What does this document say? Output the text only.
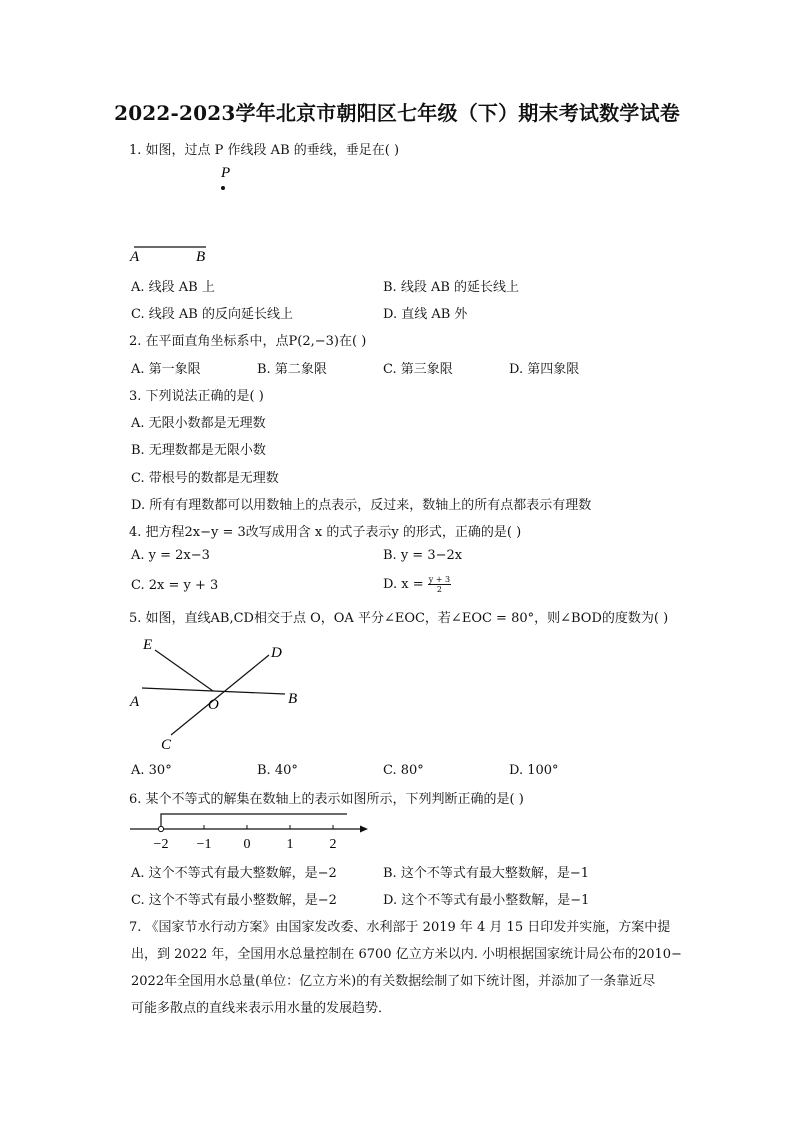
2022-2023学年北京市朝阳区七年级（下）期末考试数学试卷
1. 如图，过点 P 作线段 AB 的垂线，垂足在( )
P
A	B
A. 线段 AB 上	B. 线段 AB 的延长线上
C. 线段 AB 的反向延长线上	D. 直线 AB 外
2. 在平面直角坐标系中，点P(2,−3)在( )
A. 第一象限	B. 第二象限	C. 第三象限	D. 第四象限
3. 下列说法正确的是( )
A. 无限小数都是无理数
B. 无理数都是无限小数
C. 带根号的数都是无理数
D. 所有有理数都可以用数轴上的点表示，反过来，数轴上的所有点都表示有理数
4. 把方程2x−y = 3改写成用含 x 的式子表示y 的形式，正确的是( )
A. y = 2x−3	B. y = 3−2x
C. 2x = y + 3	D. $x = \frac{y + 3}{2}$
5. 如图，直线AB,CD相交于点 O，OA 平分∠EOC，若∠EOC = 80°，则∠BOD的度数为( )
E	D
A	O	B
C
A. 30°	B. 40°	C. 80°	D. 100°
6. 某个不等式的解集在数轴上的表示如图所示，下列判断正确的是( )
−2 −1 0	1	2
A. 这个不等式有最大整数解，是−2	B. 这个不等式有最大整数解，是−1
C. 这个不等式有最小整数解，是−2	D. 这个不等式有最小整数解，是−1
7. 《国家节水行动方案》由国家发改委、水利部于 2019 年 4 月 15 日印发并实施，方案中提
出，到 2022 年，全国用水总量控制在 6700 亿立方米以内. 小明根据国家统计局公布的2010−
2022年全国用水总量(单位：亿立方米)的有关数据绘制了如下统计图，并添加了一条靠近尽
可能多散点的直线来表示用水量的发展趋势．
